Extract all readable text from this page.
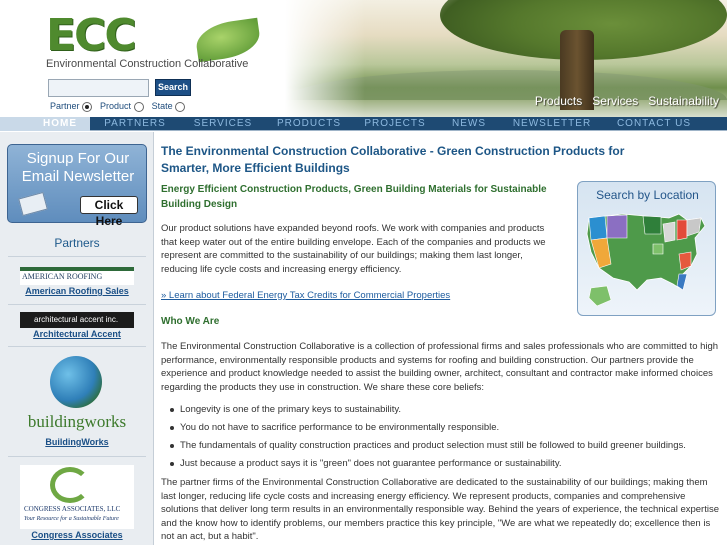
ECC
Environmental Construction Collaborative
Search
Partner	Product	State	Products Services Sustainability
HOME	PARTNERS	SERVICES	PRODUCTS	PROJECTS	NEWS	NEWSLETTER	CONTACT US
Signup For Our Email Newsletter
Click Here
Partners
AMERICAN ROOFING
American Roofing Sales
architectural accent inc.
Architectural Accent
buildingworks
BuildingWorks
CONGRESS ASSOCIATES, LLC
Your Resource for a Sustainable Future
Congress Associates
The Environmental Construction Collaborative - Green Construction Products for Smarter, More Efficient Buildings
Energy Efficient Construction Products, Green Building Materials for Sustainable Building Design
Our product solutions have expanded beyond roofs. We work with companies and products that keep water out of the entire building envelope. Each of the companies and products we represent are committed to the sustainability of our buildings; making them last longer, reducing life cycle costs and increasing energy efficiency.
» Learn about Federal Energy Tax Credits for Commercial Properties
Who We Are
The Environmental Construction Collaborative is a collection of professional firms and sales professionals who are committed to high performance, environmentally responsible products and systems for roofing and building construction. Our partners provide the experience and product knowledge needed to assist the building owner, architect, consultant and contractor make informed choices regarding the products they use in construction. We share these core beliefs:
Longevity is one of the primary keys to sustainability.
You do not have to sacrifice performance to be environmentally responsible.
The fundamentals of quality construction practices and product selection must still be followed to build greener buildings.
Just because a product says it is "green" does not guarantee performance or sustainability.
The partner firms of the Environmental Construction Collaborative are dedicated to the sustainability of our buildings; making them last longer, reducing life cycle costs and increasing energy efficiency. We represent products, companies and comprehensive solutions that deliver long term results in an environmentally responsible way. Behind the years of experience, the technical expertise and the know how to identify problems, our members practice this key principle, "We are what we repeatedly do; excellence then is not an act, but a habit".
Search by Location
